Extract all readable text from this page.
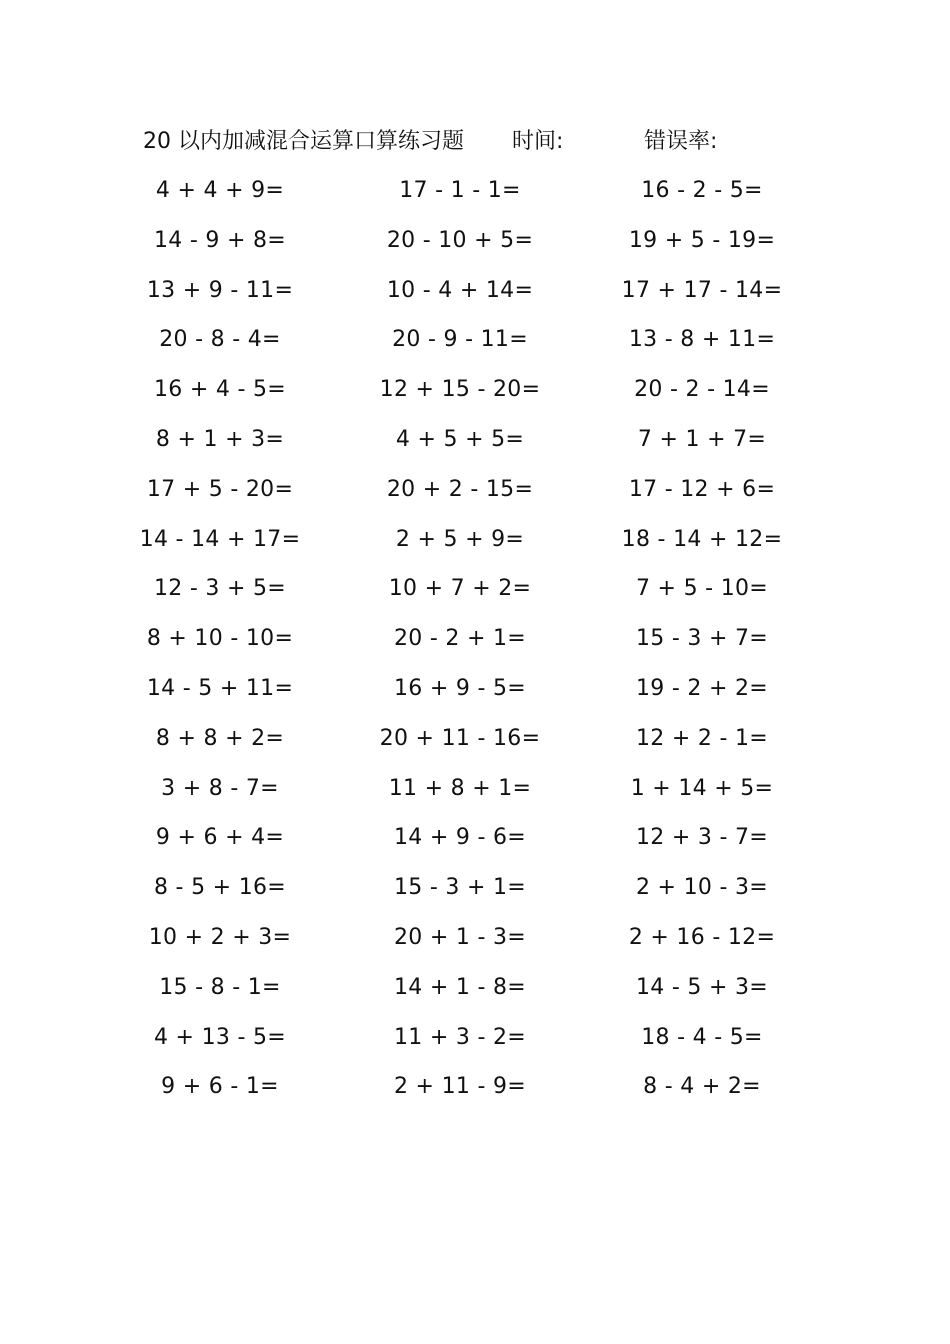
20 以内加减混合运算口算练习题 时间:	错误率:
4 + 4 + 9=	17 - 1 - 1=	16 - 2 - 5=
14 - 9 + 8=	20 - 10 + 5=	19 + 5 - 19=
13 + 9 - 11=	10 - 4 + 14=	17 + 17 - 14=
20 - 8 - 4=	20 - 9 - 11=	13 - 8 + 11=
16 + 4 - 5=	12 + 15 - 20=	20 - 2 - 14=
8 + 1 + 3=	4 + 5 + 5=	7 + 1 + 7=
17 + 5 - 20=	20 + 2 - 15=	17 - 12 + 6=
14 - 14 + 17=	2 + 5 + 9=	18 - 14 + 12=
12 - 3 + 5=	10 + 7 + 2=	7 + 5 - 10=
8 + 10 - 10=	20 - 2 + 1=	15 - 3 + 7=
14 - 5 + 11=	16 + 9 - 5=	19 - 2 + 2=
8 + 8 + 2=	20 + 11 - 16=	12 + 2 - 1=
3 + 8 - 7=	11 + 8 + 1=	1 + 14 + 5=
9 + 6 + 4=	14 + 9 - 6=	12 + 3 - 7=
8 - 5 + 16=	15 - 3 + 1=	2 + 10 - 3=
10 + 2 + 3=	20 + 1 - 3=	2 + 16 - 12=
15 - 8 - 1=	14 + 1 - 8=	14 - 5 + 3=
4 + 13 - 5=	11 + 3 - 2=	18 - 4 - 5=
9 + 6 - 1=	2 + 11 - 9=	8 - 4 + 2=
